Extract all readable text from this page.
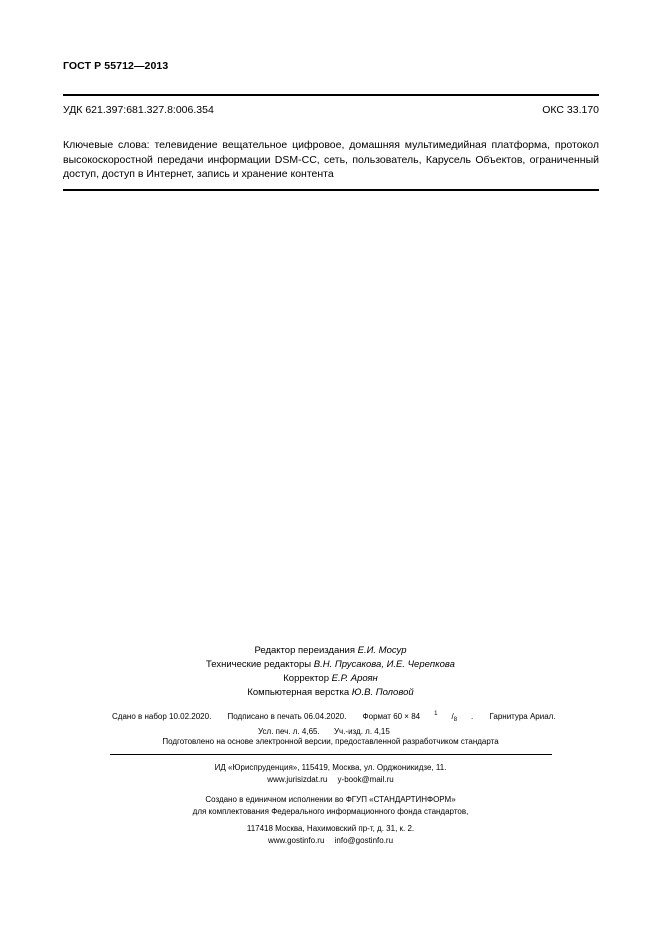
ГОСТ Р 55712—2013
УДК 621.397:681.327.8:006.354	ОКС 33.170
Ключевые слова: телевидение вещательное цифровое, домашняя мультимедийная платформа, протокол высокоскоростной передачи информации DSM-CC, сеть, пользователь, Карусель Объектов, ограниченный доступ, доступ в Интернет, запись и хранение контента
Редактор переиздания Е.И. Мосур
Технические редакторы В.Н. Прусакова, И.Е. Черепкова
Корректор Е.Р. Ароян
Компьютерная верстка Ю.В. Половой
Сдано в набор 10.02.2020. Подписано в печать 06.04.2020. Формат 60 × 84 $^1$ $/_8$ . Гарнитура Ариал.
Усл. печ. л. 4,65. Уч.-изд. л. 4,15
Подготовлено на основе электронной версии, предоставленной разработчиком стандарта
ИД «Юриспруденция», 115419, Москва, ул. Орджоникидзе, 11.
www.jurisizdat.ru y-book@mail.ru
Создано в единичном исполнении во ФГУП «СТАНДАРТИНФОРМ»
для комплектования Федерального информационного фонда стандартов,
117418 Москва, Нахимовский пр-т, д. 31, к. 2.
www.gostinfo.ru info@gostinfo.ru
